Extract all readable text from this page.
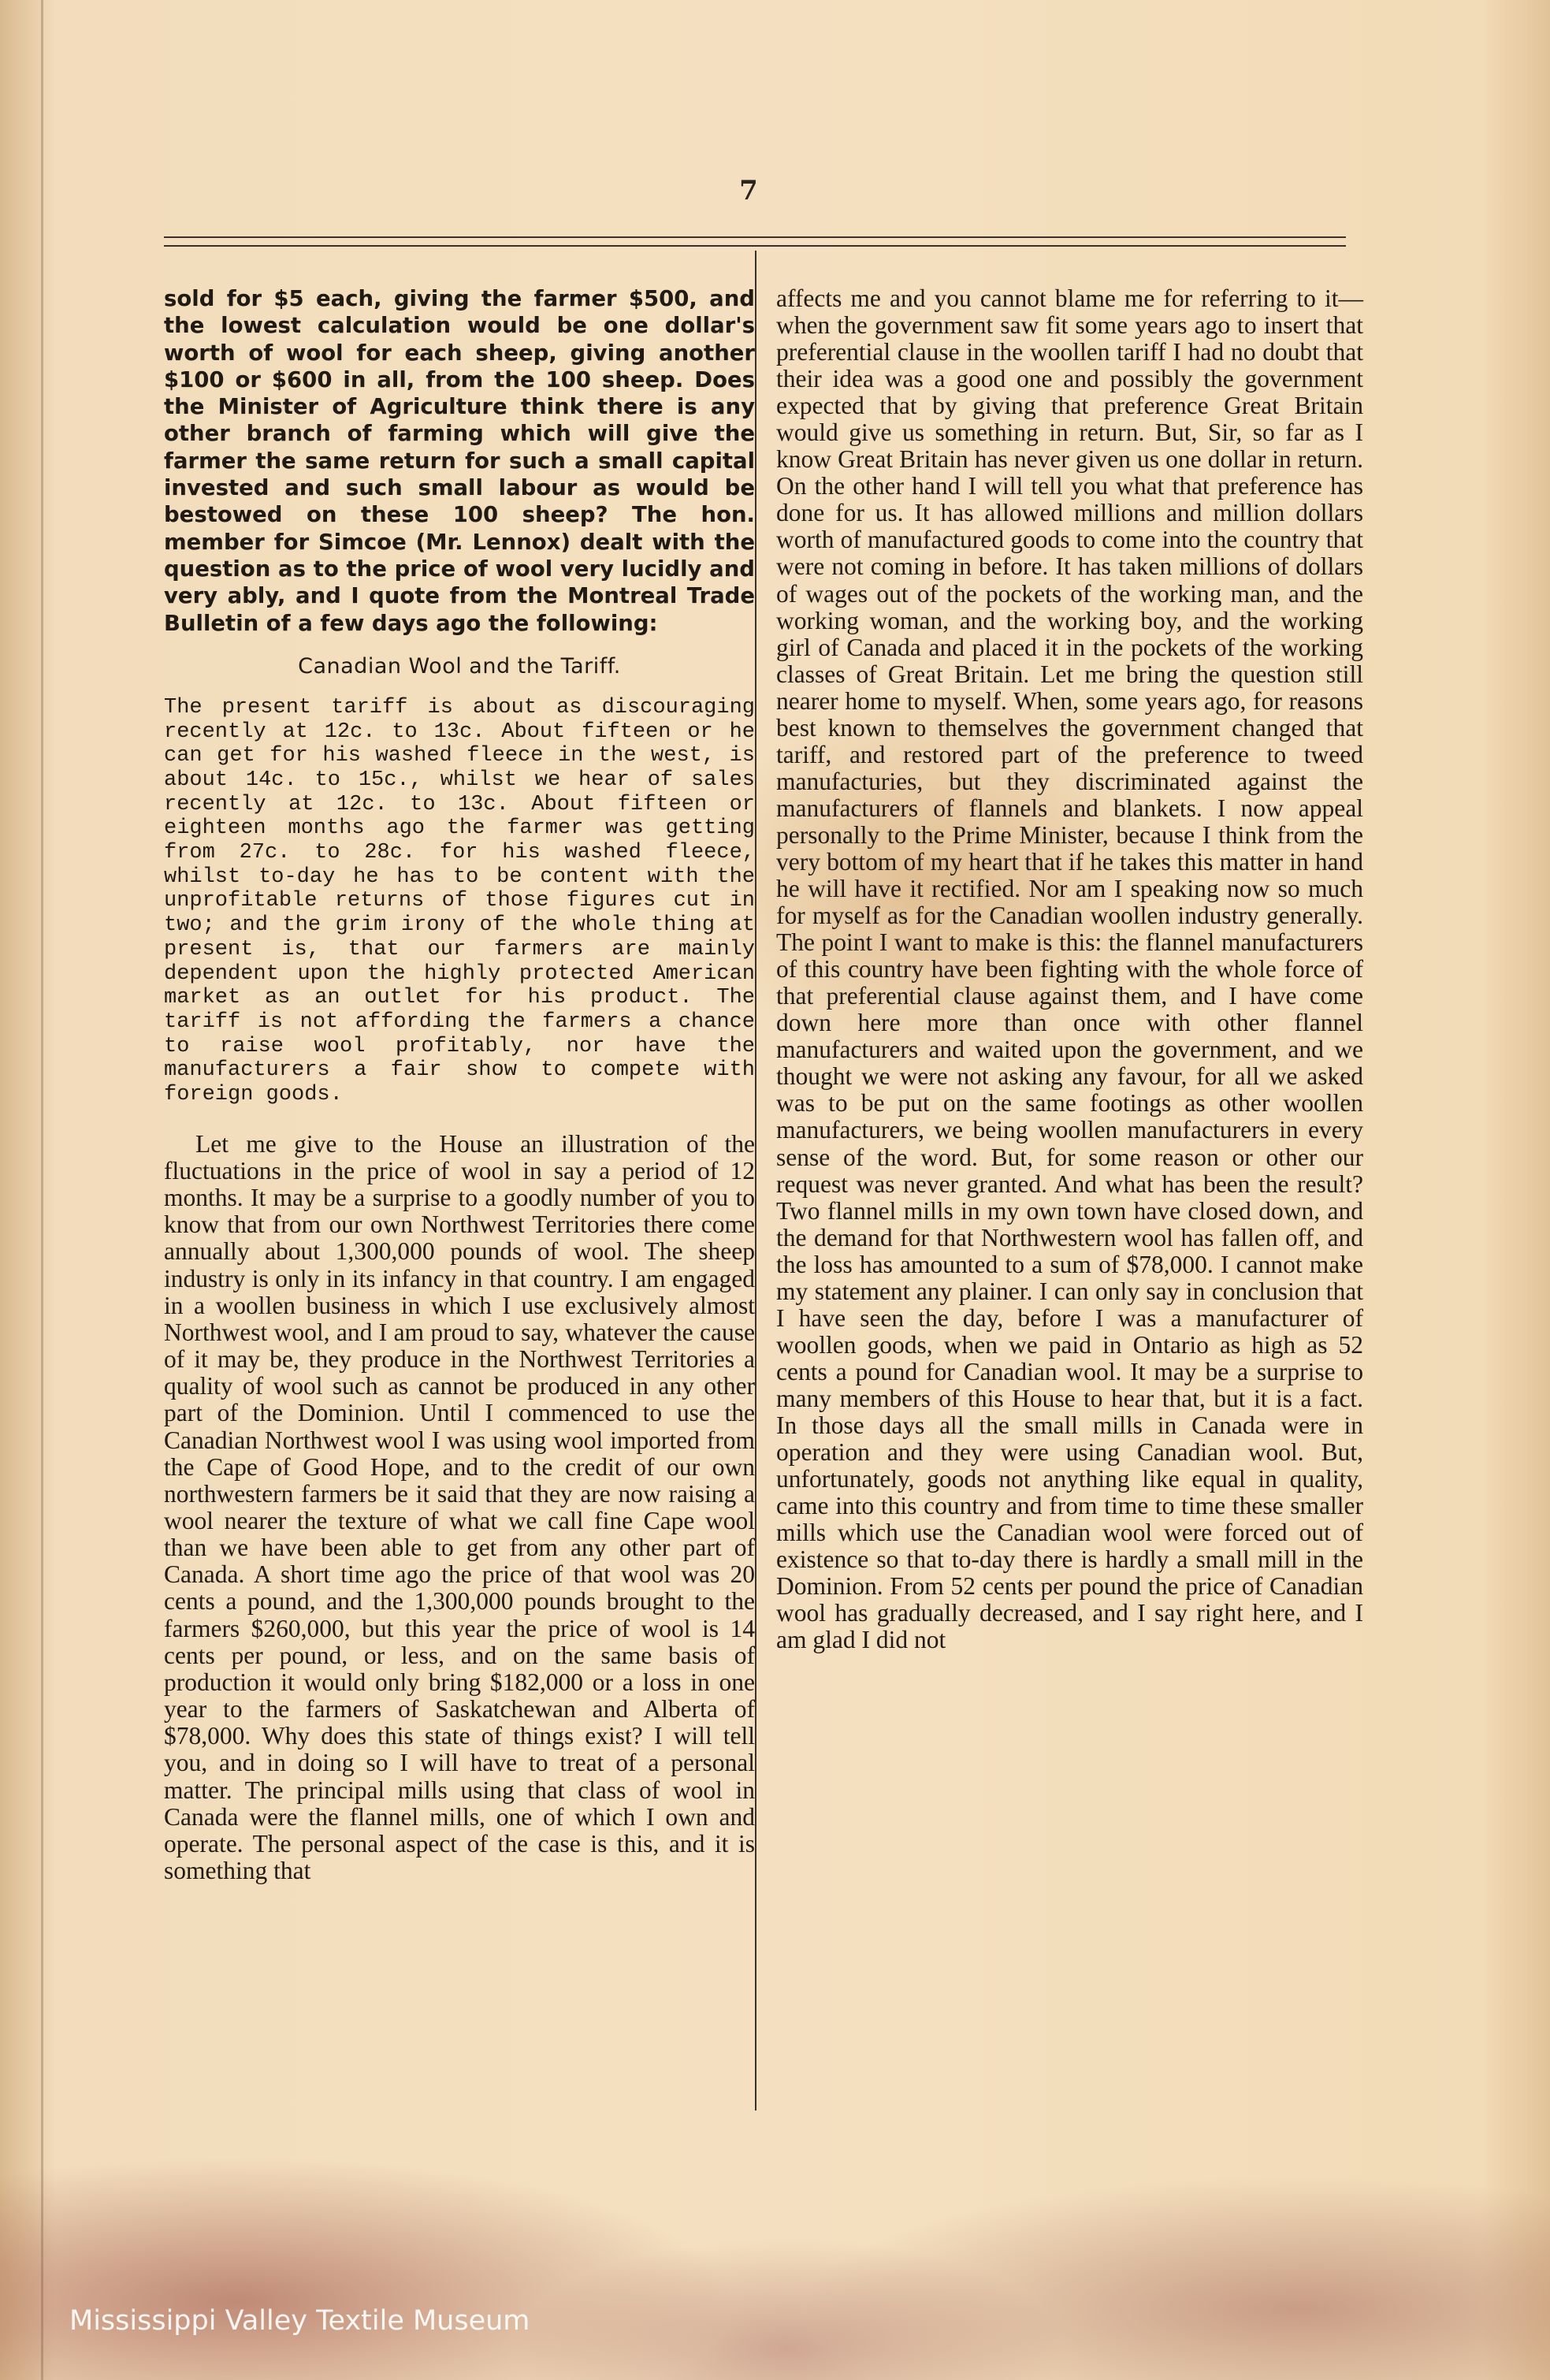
7

sold for $5 each, giving the farmer $500, and the lowest calculation would be one dollar's worth of wool for each sheep, giving another $100 or $600 in all, from the 100 sheep. Does the Minister of Agriculture think there is any other branch of farming which will give the farmer the same return for such a small capital invested and such small labour as would be bestowed on these 100 sheep? The hon. member for Simcoe (Mr. Lennox) dealt with the question as to the price of wool very lucidly and very ably, and I quote from the Montreal Trade Bulletin of a few days ago the following:

Canadian Wool and the Tariff.

The present tariff is about as discouraging recently at 12c. to 13c. About fifteen or he can get for his washed fleece in the west, is about 14c. to 15c., whilst we hear of sales recently at 12c. to 13c. About fifteen or eighteen months ago the farmer was getting from 27c. to 28c. for his washed fleece, whilst to-day he has to be content with the unprofitable returns of those figures cut in two; and the grim irony of the whole thing at present is, that our farmers are mainly dependent upon the highly protected American market as an outlet for his product. The tariff is not affording the farmers a chance to raise wool profitably, nor have the manufacturers a fair show to compete with foreign goods.

Let me give to the House an illustration of the fluctuations in the price of wool in say a period of 12 months. It may be a surprise to a goodly number of you to know that from our own Northwest Territories there come annually about 1,300,000 pounds of wool. The sheep industry is only in its infancy in that country. I am engaged in a woollen business in which I use exclusively almost Northwest wool, and I am proud to say, whatever the cause of it may be, they produce in the Northwest Territories a quality of wool such as cannot be produced in any other part of the Dominion. Until I commenced to use the Canadian Northwest wool I was using wool imported from the Cape of Good Hope, and to the credit of our own northwestern farmers be it said that they are now raising a wool nearer the texture of what we call fine Cape wool than we have been able to get from any other part of Canada. A short time ago the price of that wool was 20 cents a pound, and the 1,300,000 pounds brought to the farmers $260,000, but this year the price of wool is 14 cents per pound, or less, and on the same basis of production it would only bring $182,000 or a loss in one year to the farmers of Saskatchewan and Alberta of $78,000. Why does this state of things exist? I will tell you, and in doing so I will have to treat of a personal matter. The principal mills using that class of wool in Canada were the flannel mills, one of which I own and operate. The personal aspect of the case is this, and it is something that

affects me and you cannot blame me for referring to it—when the government saw fit some years ago to insert that preferential clause in the woollen tariff I had no doubt that their idea was a good one and possibly the government expected that by giving that preference Great Britain would give us something in return. But, Sir, so far as I know Great Britain has never given us one dollar in return. On the other hand I will tell you what that preference has done for us. It has allowed millions and million dollars worth of manufactured goods to come into the country that were not coming in before. It has taken millions of dollars of wages out of the pockets of the working man, and the working woman, and the working boy, and the working girl of Canada and placed it in the pockets of the working classes of Great Britain. Let me bring the question still nearer home to myself. When, some years ago, for reasons best known to themselves the government changed that tariff, and restored part of the preference to tweed manufacturies, but they discriminated against the manufacturers of flannels and blankets. I now appeal personally to the Prime Minister, because I think from the very bottom of my heart that if he takes this matter in hand he will have it rectified. Nor am I speaking now so much for myself as for the Canadian woollen industry generally. The point I want to make is this: the flannel manufacturers of this country have been fighting with the whole force of that preferential clause against them, and I have come down here more than once with other flannel manufacturers and waited upon the government, and we thought we were not asking any favour, for all we asked was to be put on the same footings as other woollen manufacturers, we being woollen manufacturers in every sense of the word. But, for some reason or other our request was never granted. And what has been the result? Two flannel mills in my own town have closed down, and the demand for that Northwestern wool has fallen off, and the loss has amounted to a sum of $78,000. I cannot make my statement any plainer. I can only say in conclusion that I have seen the day, before I was a manufacturer of woollen goods, when we paid in Ontario as high as 52 cents a pound for Canadian wool. It may be a surprise to many members of this House to hear that, but it is a fact. In those days all the small mills in Canada were in operation and they were using Canadian wool. But, unfortunately, goods not anything like equal in quality, came into this country and from time to time these smaller mills which use the Canadian wool were forced out of existence so that to-day there is hardly a small mill in the Dominion. From 52 cents per pound the price of Canadian wool has gradually decreased, and I say right here, and I am glad I did not

Mississippi Valley Textile Museum
